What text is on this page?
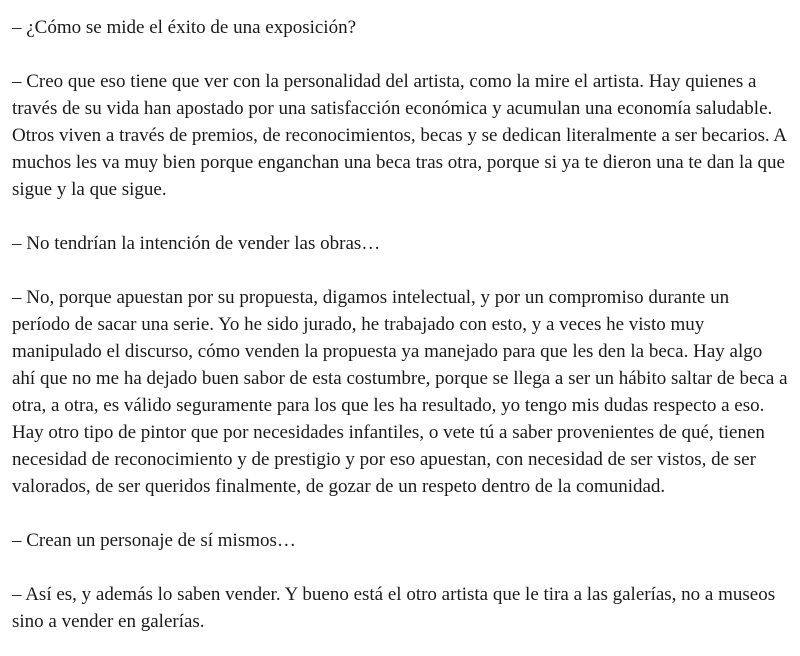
– ¿Cómo se mide el éxito de una exposición?

– Creo que eso tiene que ver con la personalidad del artista, como la mire el artista. Hay quienes a través de su vida han apostado por una satisfacción económica y acumulan una economía saludable. Otros viven a través de premios, de reconocimientos, becas y se dedican literalmente a ser becarios. A muchos les va muy bien porque enganchan una beca tras otra, porque si ya te dieron una te dan la que sigue y la que sigue.

– No tendrían la intención de vender las obras…

– No, porque apuestan por su propuesta, digamos intelectual, y por un compromiso durante un período de sacar una serie. Yo he sido jurado, he trabajado con esto, y a veces he visto muy manipulado el discurso, cómo venden la propuesta ya manejado para que les den la beca. Hay algo ahí que no me ha dejado buen sabor de esta costumbre, porque se llega a ser un hábito saltar de beca a otra, a otra, es válido seguramente para los que les ha resultado, yo tengo mis dudas respecto a eso. Hay otro tipo de pintor que por necesidades infantiles, o vete tú a saber provenientes de qué, tienen necesidad de reconocimiento y de prestigio y por eso apuestan, con necesidad de ser vistos, de ser valorados, de ser queridos finalmente, de gozar de un respeto dentro de la comunidad.

– Crean un personaje de sí mismos…

– Así es, y además lo saben vender. Y bueno está el otro artista que le tira a las galerías, no a museos sino a vender en galerías.
